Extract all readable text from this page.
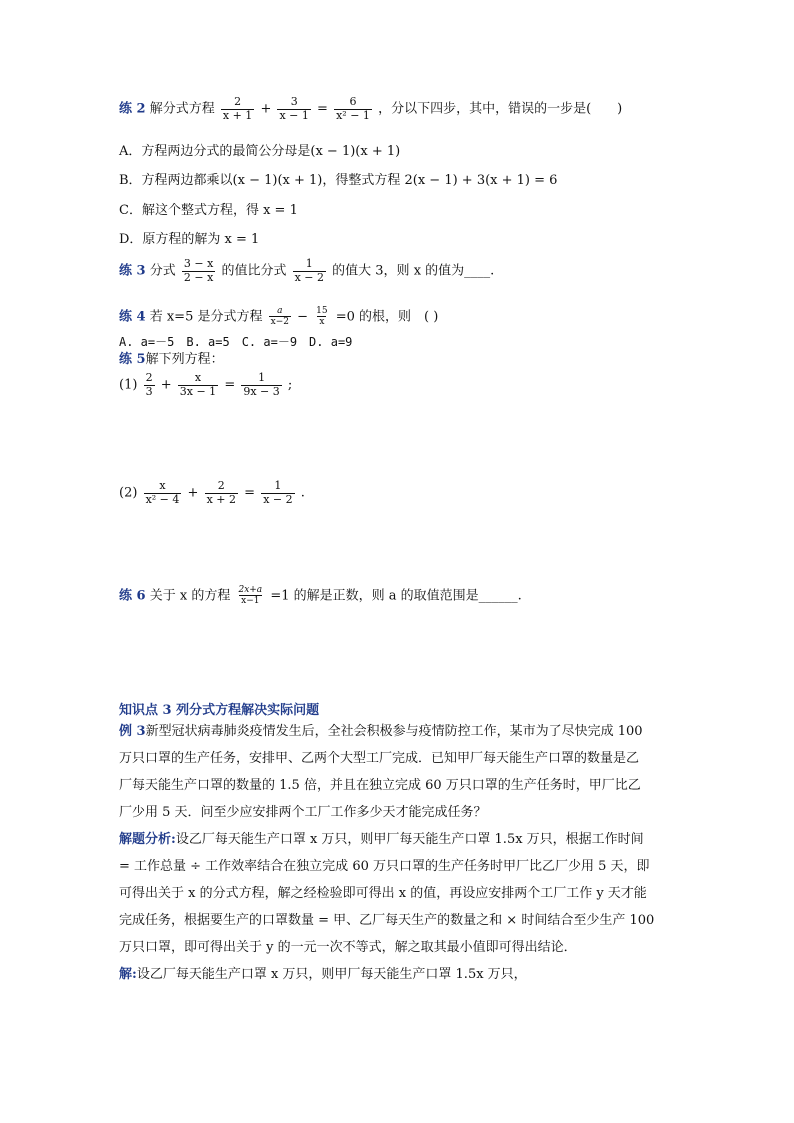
练 2 解分式方程 $\frac{2}{x + 1} + \frac{3}{x - 1} = \frac{6}{\text{x² − 1}}$ ，分以下四步，其中，错误的一步是(　　)
A．方程两边分式的最简公分母是(x − 1)(x + 1)
B．方程两边都乘以(x − 1)(x + 1)，得整式方程 2(x − 1) + 3(x + 1) = 6
C．解这个整式方程，得 x = 1
D．原方程的解为 x = 1
练 3 分式 $\frac{3 - x}{2 - x}$ 的值比分式 $\frac{1}{x - 2}$ 的值大 3，则 x 的值为____.
练 4 若 x=5 是分式方程 $\frac{a}{x-2} - \frac{15}{x} =0$ 的根，则　( )
A. a=－5　B. a=5　C. a=－9　D. a=9
练 5解下列方程：
$(1) \frac{2}{3} + \frac{x}{3x - 1} = \frac{1}{9x - 3}$ ;
$(2) \frac{x}{\text{x² − 4}} + \frac{2}{x + 2} = \frac{1}{x - 2}$ .
练 6 关于 x 的方程 $\frac{2x+a}{x-1} =1$ 的解是正数，则 a 的取值范围是______.
知识点 3 列分式方程解决实际问题

例 3新型冠状病毒肺炎疫情发生后，全社会积极参与疫情防控工作，某市为了尽快完成 100

万只口罩的生产任务，安排甲、乙两个大型工厂完成．已知甲厂每天能生产口罩的数量是乙

厂每天能生产口罩的数量的 1.5 倍，并且在独立完成 60 万只口罩的生产任务时，甲厂比乙

厂少用 5 天．问至少应安排两个工厂工作多少天才能完成任务？

解题分析:设乙厂每天能生产口罩 x 万只，则甲厂每天能生产口罩 1.5x 万只，根据工作时间

= 工作总量 ÷ 工作效率结合在独立完成 60 万只口罩的生产任务时甲厂比乙厂少用 5 天，即

可得出关于 x 的分式方程，解之经检验即可得出 x 的值，再设应安排两个工厂工作 y 天才能

完成任务，根据要生产的口罩数量 = 甲、乙厂每天生产的数量之和 × 时间结合至少生产 100

万只口罩，即可得出关于 y 的一元一次不等式，解之取其最小值即可得出结论．

解:设乙厂每天能生产口罩 x 万只，则甲厂每天能生产口罩 1.5x 万只，
